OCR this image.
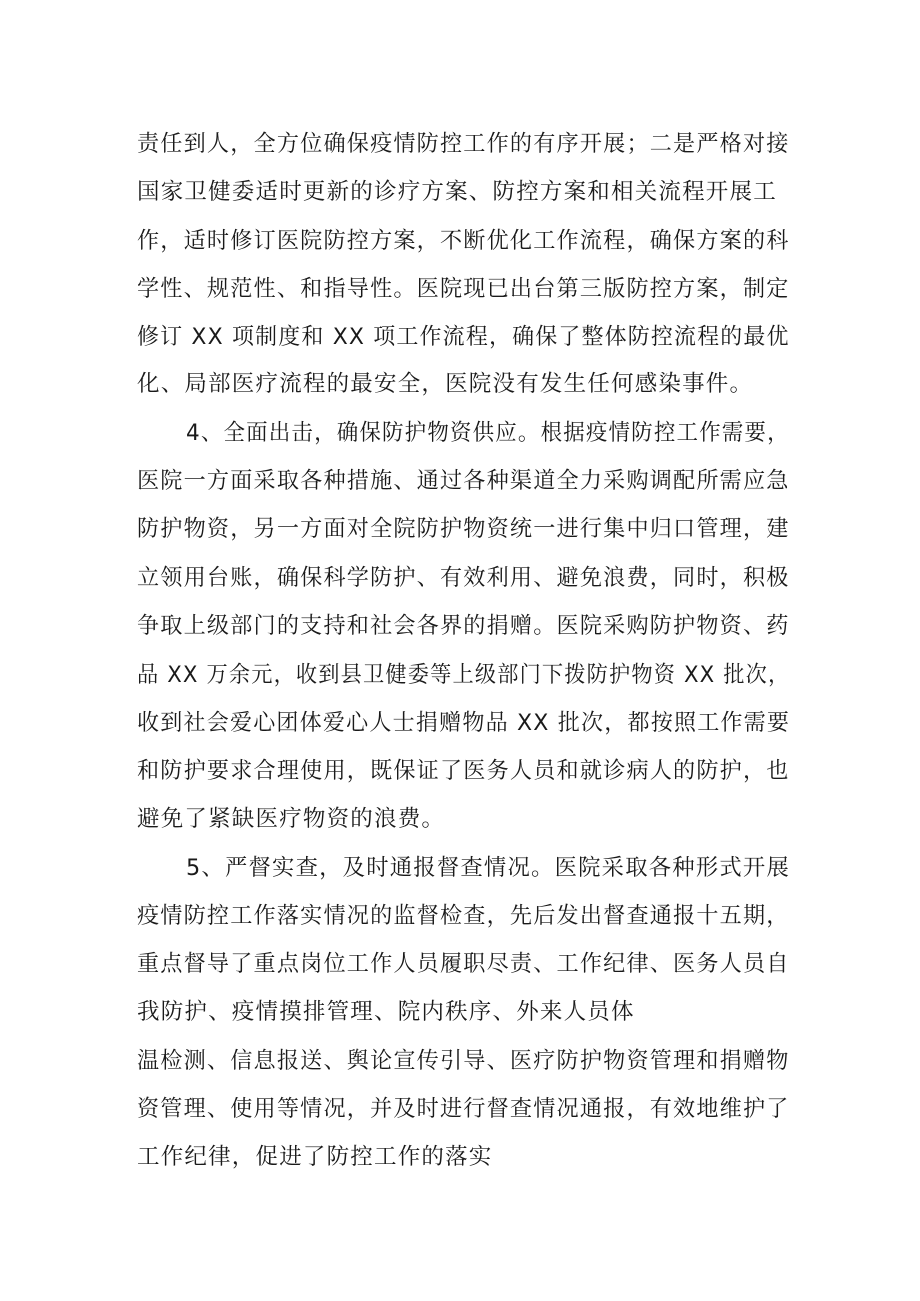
责任到人，全方位确保疫情防控工作的有序开展；二是严格对接
国家卫健委适时更新的诊疗方案、防控方案和相关流程开展工
作，适时修订医院防控方案，不断优化工作流程，确保方案的科
学性、规范性、和指导性。医院现已出台第三版防控方案，制定
修订 XX 项制度和 XX 项工作流程，确保了整体防控流程的最优
化、局部医疗流程的最安全，医院没有发生任何感染事件。
4、全面出击，确保防护物资供应。根据疫情防控工作需要，
医院一方面采取各种措施、通过各种渠道全力采购调配所需应急
防护物资，另一方面对全院防护物资统一进行集中归口管理，建
立领用台账，确保科学防护、有效利用、避免浪费，同时，积极
争取上级部门的支持和社会各界的捐赠。医院采购防护物资、药
品 XX 万余元，收到县卫健委等上级部门下拨防护物资 XX 批次，
收到社会爱心团体爱心人士捐赠物品 XX 批次，都按照工作需要
和防护要求合理使用，既保证了医务人员和就诊病人的防护，也
避免了紧缺医疗物资的浪费。
5、严督实查，及时通报督查情况。医院采取各种形式开展
疫情防控工作落实情况的监督检查，先后发出督查通报十五期，
重点督导了重点岗位工作人员履职尽责、工作纪律、医务人员自
我防护、疫情摸排管理、院内秩序、外来人员体
温检测、信息报送、舆论宣传引导、医疗防护物资管理和捐赠物
资管理、使用等情况，并及时进行督查情况通报，有效地维护了
工作纪律，促进了防控工作的落实
